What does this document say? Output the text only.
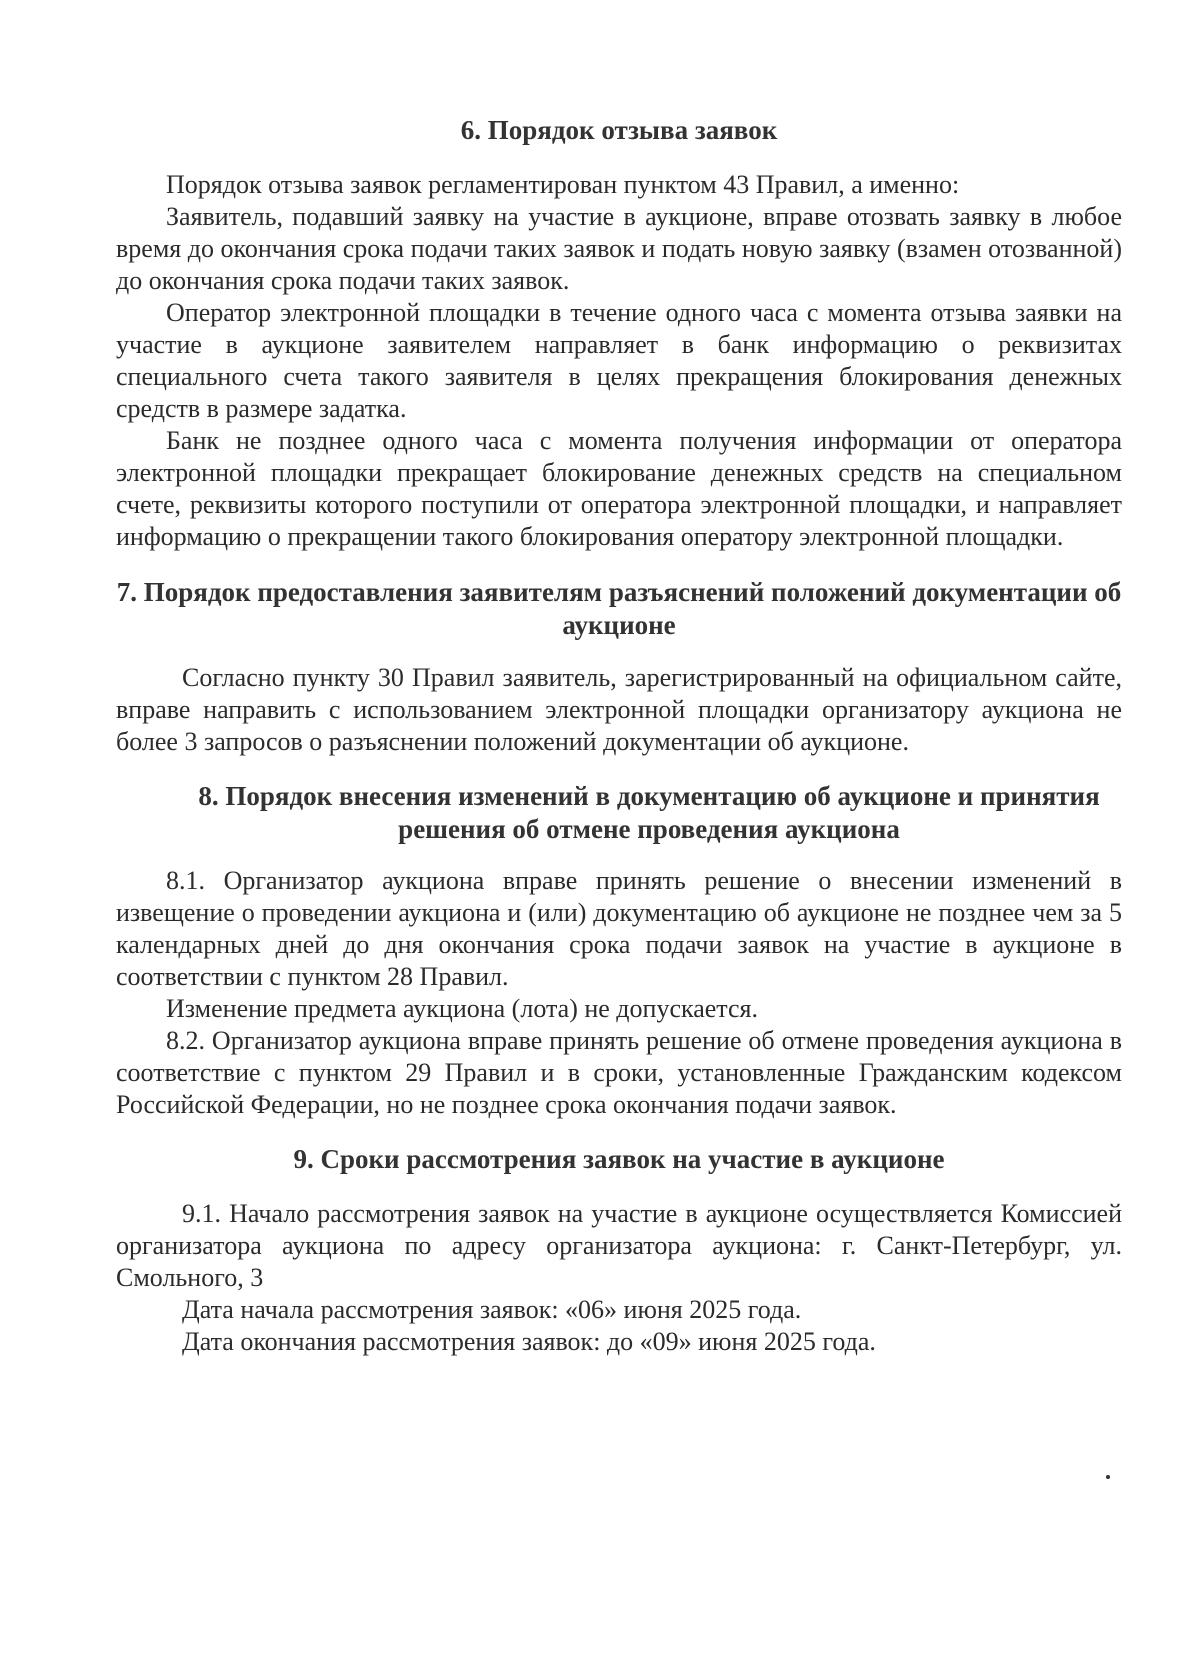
6. Порядок отзыва заявок

Порядок отзыва заявок регламентирован пунктом 43 Правил, а именно:

Заявитель, подавший заявку на участие в аукционе, вправе отозвать заявку в любое время до окончания срока подачи таких заявок и подать новую заявку (взамен отозванной) до окончания срока подачи таких заявок.

Оператор электронной площадки в течение одного часа с момента отзыва заявки на участие в аукционе заявителем направляет в банк информацию о реквизитах специального счета такого заявителя в целях прекращения блокирования денежных средств в размере задатка.

Банк не позднее одного часа с момента получения информации от оператора электронной площадки прекращает блокирование денежных средств на специальном счете, реквизиты которого поступили от оператора электронной площадки, и направляет информацию о прекращении такого блокирования оператору электронной площадки.

7. Порядок предоставления заявителям разъяснений положений документации об аукционе

Согласно пункту 30 Правил заявитель, зарегистрированный на официальном сайте, вправе направить с использованием электронной площадки организатору аукциона не более 3 запросов о разъяснении положений документации об аукционе.

8. Порядок внесения изменений в документацию об аукционе и принятия решения об отмене проведения аукциона

8.1. Организатор аукциона вправе принять решение о внесении изменений в извещение о проведении аукциона и (или) документацию об аукционе не позднее чем за 5 календарных дней до дня окончания срока подачи заявок на участие в аукционе в соответствии с пунктом 28 Правил.

Изменение предмета аукциона (лота) не допускается.

8.2. Организатор аукциона вправе принять решение об отмене проведения аукциона в соответствие с пунктом 29 Правил и в сроки, установленные Гражданским кодексом Российской Федерации, но не позднее срока окончания подачи заявок.

9. Сроки рассмотрения заявок на участие в аукционе

9.1. Начало рассмотрения заявок на участие в аукционе осуществляется Комиссией организатора аукциона по адресу организатора аукциона: г. Санкт-Петербург, ул. Смольного, 3

Дата начала рассмотрения заявок: «06» июня 2025 года.

Дата окончания рассмотрения заявок: до «09» июня 2025 года.
